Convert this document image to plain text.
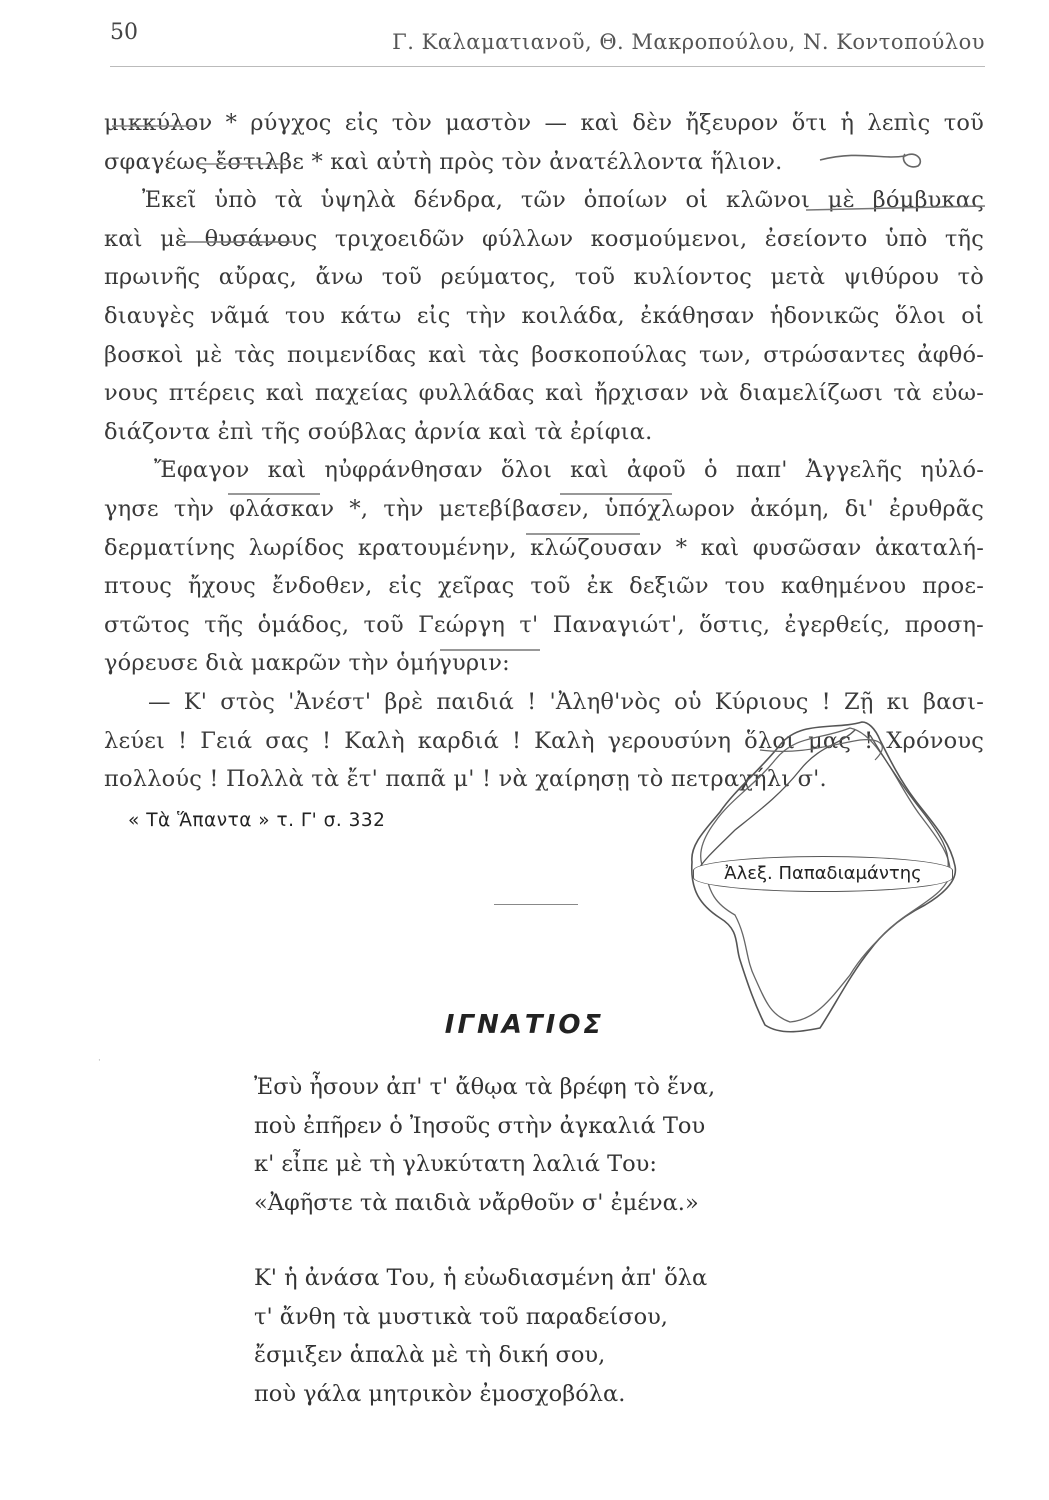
50	Γ. Καλαματιανοῦ, Θ. Μακροπούλου, Ν. Κοντοπούλου
μικκύλον * ρύγχος εἰς τὸν μαστὸν — καὶ δὲν ἤξευρον ὅτι ἡ λεπὶς τοῦ
σφαγέως ἔστιλβε * καὶ αὐτὴ πρὸς τὸν ἀνατέλλοντα ἥλιον.
Ἐκεῖ ὑπὸ τὰ ὑψηλὰ δένδρα, τῶν ὁποίων οἱ κλῶνοι μὲ βόμβυκας
καὶ μὲ θυσάνους τριχοειδῶν φύλλων κοσμούμενοι, ἐσείοντο ὑπὸ τῆς
πρωινῆς αὔρας, ἄνω τοῦ ρεύματος, τοῦ κυλίοντος μετὰ ψιθύρου τὸ
διαυγὲς νᾶμά του κάτω εἰς τὴν κοιλάδα, ἐκάθησαν ἡδονικῶς ὅλοι οἱ
βοσκοὶ μὲ τὰς ποιμενίδας καὶ τὰς βοσκοπούλας των, στρώσαντες ἀφθό-
νους πτέρεις καὶ παχείας φυλλάδας καὶ ἤρχισαν νὰ διαμελίζωσι τὰ εὐω-
διάζοντα ἐπὶ τῆς σούβλας ἀρνία καὶ τὰ ἐρίφια.
Ἔφαγον καὶ ηὐφράνθησαν ὅλοι καὶ ἀφοῦ ὁ παπ' Ἀγγελῆς ηὐλό-
γησε τὴν φλάσκαν *, τὴν μετεβίβασεν, ὑπόχλωρον ἀκόμη, δι' ἐρυθρᾶς
δερματίνης λωρίδος κρατουμένην, κλώζουσαν * καὶ φυσῶσαν ἀκαταλή-
πτους ἤχους ἔνδοθεν, εἰς χεῖρας τοῦ ἐκ δεξιῶν του καθημένου προε-
στῶτος τῆς ὁμάδος, τοῦ Γεώργη τ' Παναγιώτ', ὅστις, ἐγερθείς, προση-
γόρευσε διὰ μακρῶν τὴν ὁμήγυριν:
— Κ' στὸς 'Ἀνέστ' βρὲ παιδιά ! 'Ἀληθ'νὸς οὑ Κύριους ! Ζῇ κι βασι-
λεύει ! Γειά σας ! Καλὴ καρδιά ! Καλὴ γερουσύνη ὅλοι μας ! Χρόνους
πολλούς ! Πολλὰ τὰ ἔτ' παπᾶ μ' ! νὰ χαίρησῃ τὸ πετραχήλι σ'.
« Τὰ Ἅπαντα » τ. Γ' σ. 332
Ἀλεξ. Παπαδιαμάντης
·
ΙΓΝΑΤΙΟΣ
Ἐσὺ ἦσουν ἀπ' τ' ἄθῳα τὰ βρέφη τὸ ἕνα,
ποὺ ἐπῆρεν ὁ Ἰησοῦς στὴν ἀγκαλιά Του
κ' εἶπε μὲ τὴ γλυκύτατη λαλιά Του:
«Ἀφῆστε τὰ παιδιὰ νἄρθοῦν σ' ἐμένα.»
Κ' ἡ ἀνάσα Του, ἡ εὐωδιασμένη ἀπ' ὅλα
τ' ἄνθη τὰ μυστικὰ τοῦ παραδείσου,
ἔσμιξεν ἁπαλὰ μὲ τὴ δική σου,
ποὺ γάλα μητρικὸν ἐμοσχοβόλα.
